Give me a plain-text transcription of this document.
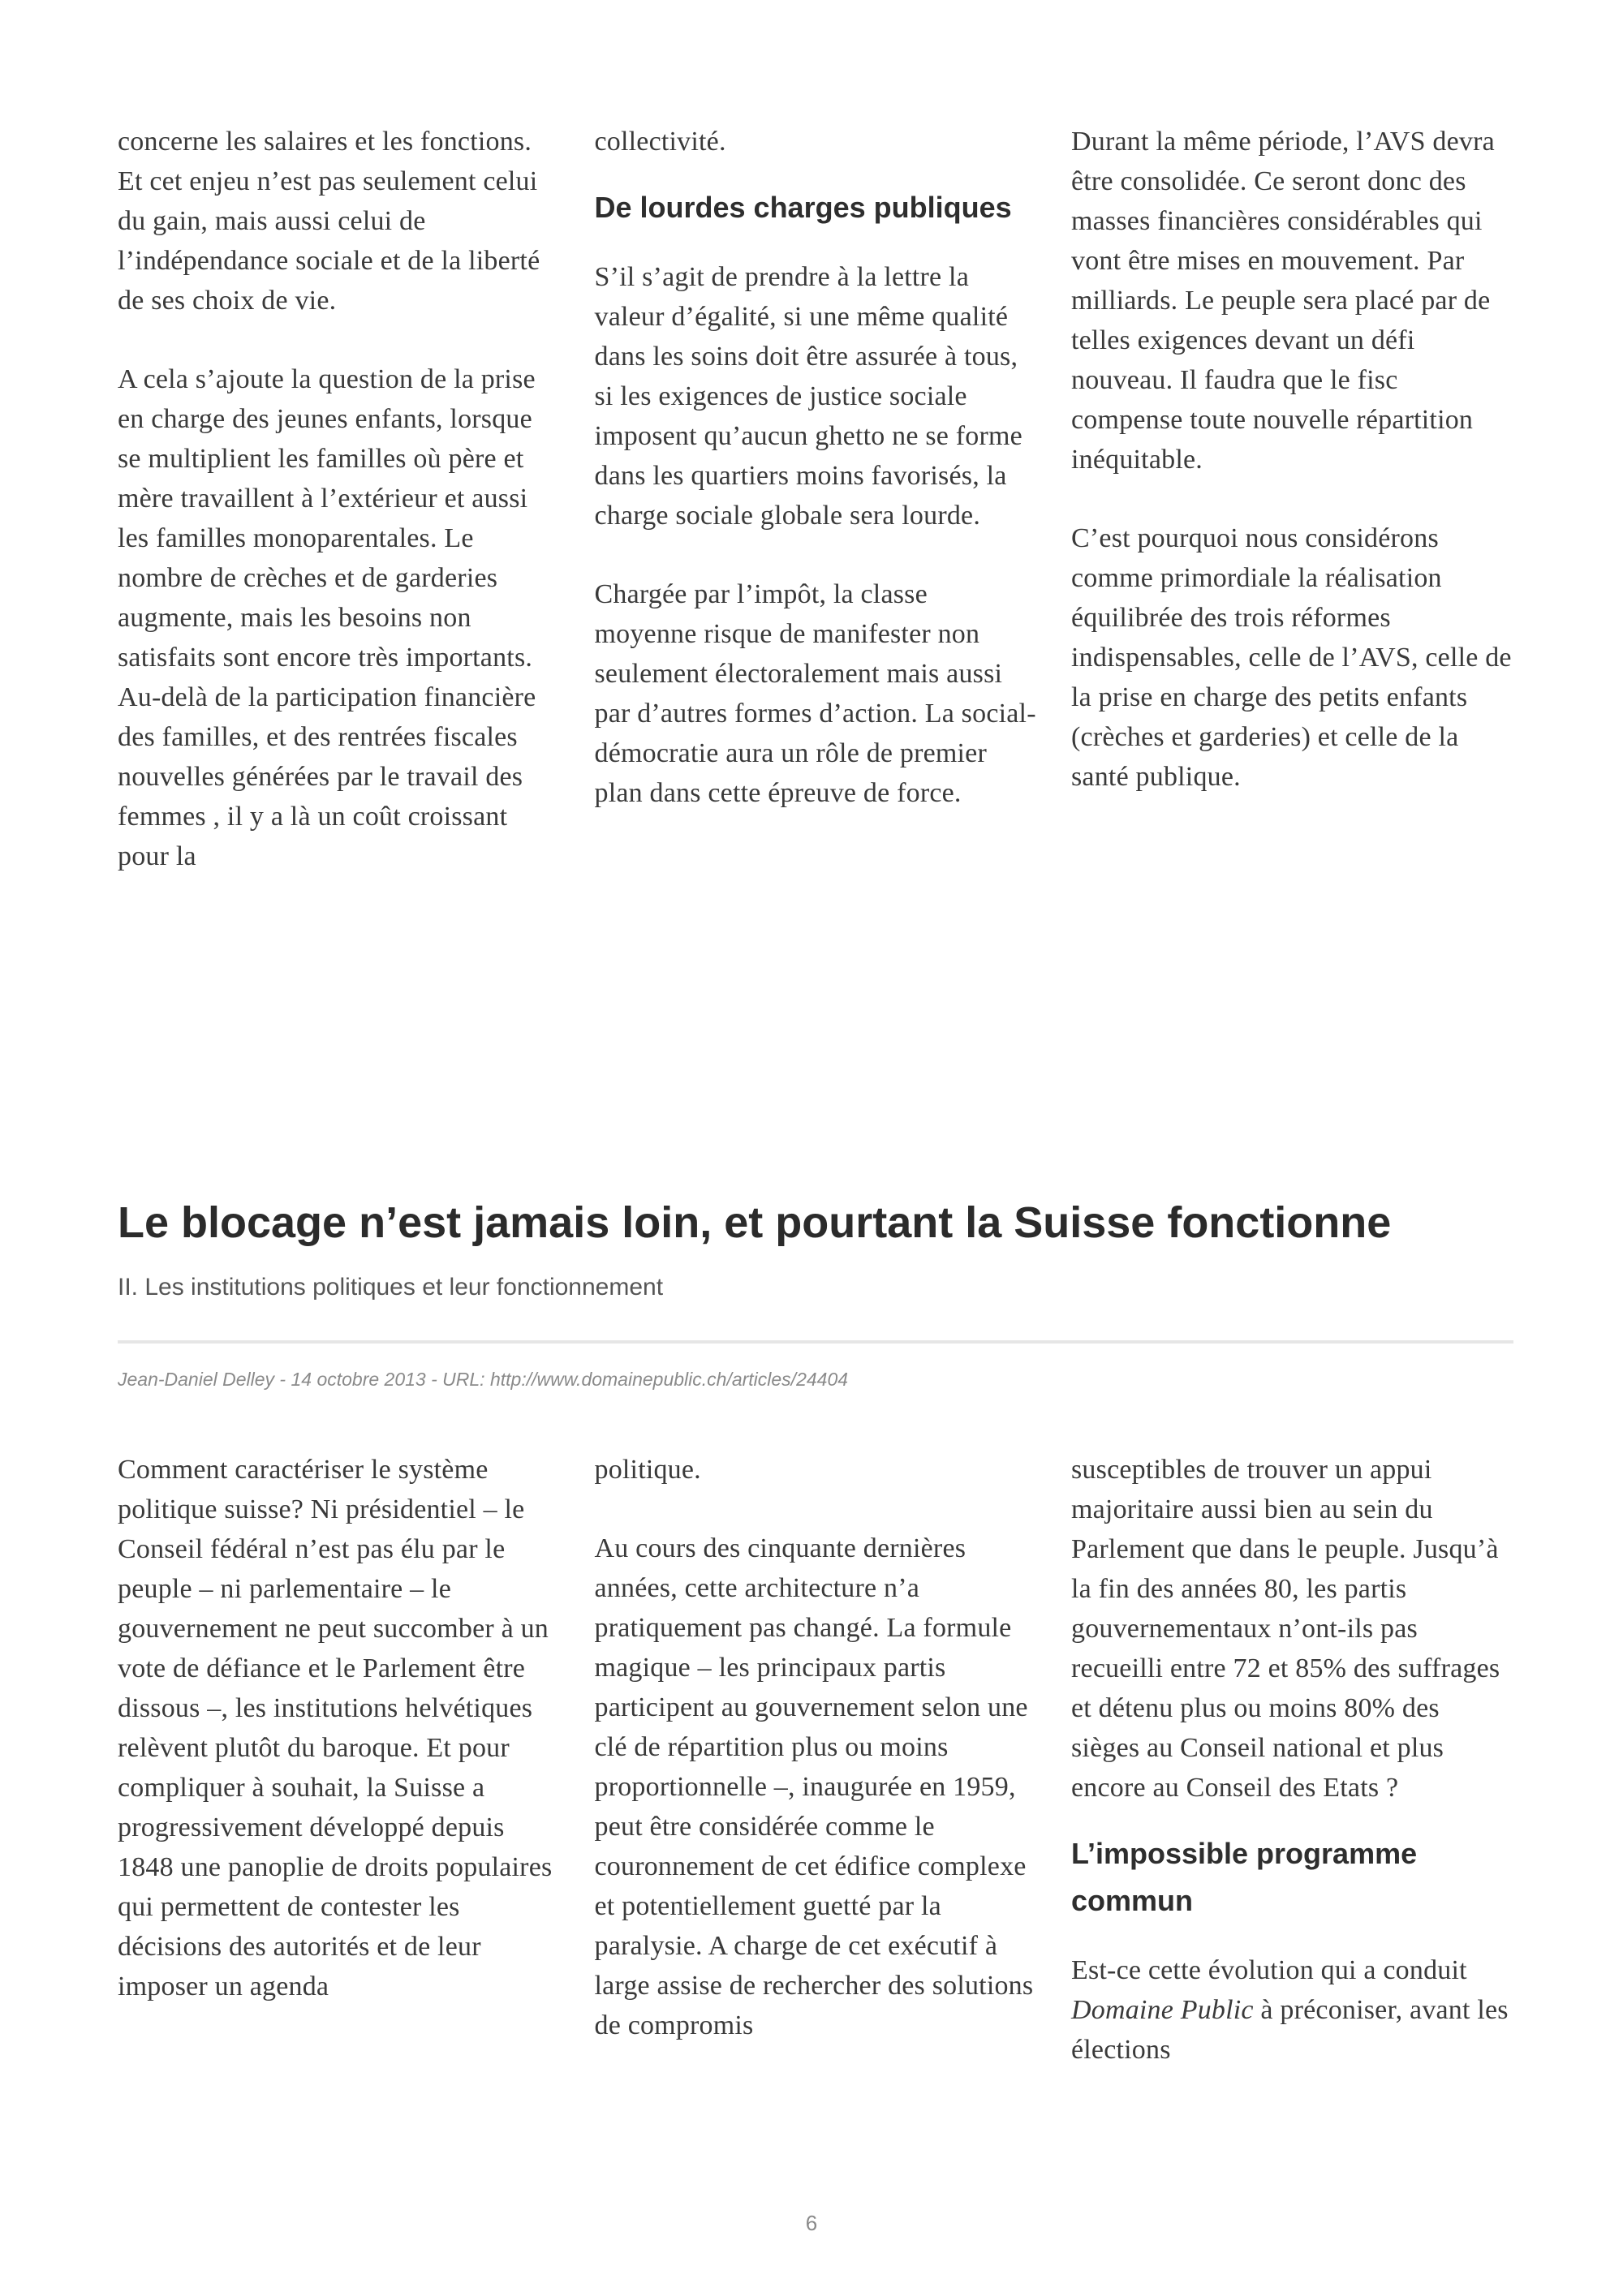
concerne les salaires et les fonctions. Et cet enjeu n’est pas seulement celui du gain, mais aussi celui de l’indépendance sociale et de la liberté de ses choix de vie.

A cela s’ajoute la question de la prise en charge des jeunes enfants, lorsque se multiplient les familles où père et mère travaillent à l’extérieur et aussi les familles monoparentales. Le nombre de crèches et de garderies augmente, mais les besoins non satisfaits sont encore très importants. Au-delà de la participation financière des familles, et des rentrées fiscales nouvelles générées par le travail des femmes , il y a là un coût croissant pour la

collectivité.

De lourdes charges publiques

S’il s’agit de prendre à la lettre la valeur d’égalité, si une même qualité dans les soins doit être assurée à tous, si les exigences de justice sociale imposent qu’aucun ghetto ne se forme dans les quartiers moins favorisés, la charge sociale globale sera lourde.

Chargée par l’impôt, la classe moyenne risque de manifester non seulement électoralement mais aussi par d’autres formes d’action. La social-démocratie aura un rôle de premier plan dans cette épreuve de force.

Durant la même période, l’AVS devra être consolidée. Ce seront donc des masses financières considérables qui vont être mises en mouvement. Par milliards. Le peuple sera placé par de telles exigences devant un défi nouveau. Il faudra que le fisc compense toute nouvelle répartition inéquitable.

C’est pourquoi nous considérons comme primordiale la réalisation équilibrée des trois réformes indispensables, celle de l’AVS, celle de la prise en charge des petits enfants (crèches et garderies) et celle de la santé publique.

Le blocage n’est jamais loin, et pourtant la Suisse fonctionne

II. Les institutions politiques et leur fonctionnement

Jean-Daniel Delley - 14 octobre 2013 - URL: http://www.domainepublic.ch/articles/24404

Comment caractériser le système politique suisse? Ni présidentiel – le Conseil fédéral n’est pas élu par le peuple – ni parlementaire – le gouvernement ne peut succomber à un vote de défiance et le Parlement être dissous –, les institutions helvétiques relèvent plutôt du baroque. Et pour compliquer à souhait, la Suisse a progressivement développé depuis 1848 une panoplie de droits populaires qui permettent de contester les décisions des autorités et de leur imposer un agenda

politique.

Au cours des cinquante dernières années, cette architecture n’a pratiquement pas changé. La formule magique – les principaux partis participent au gouvernement selon une clé de répartition plus ou moins proportionnelle –, inaugurée en 1959, peut être considérée comme le couronnement de cet édifice complexe et potentiellement guetté par la paralysie. A charge de cet exécutif à large assise de rechercher des solutions de compromis

susceptibles de trouver un appui majoritaire aussi bien au sein du Parlement que dans le peuple. Jusqu’à la fin des années 80, les partis gouvernementaux n’ont-ils pas recueilli entre 72 et 85% des suffrages et détenu plus ou moins 80% des sièges au Conseil national et plus encore au Conseil des Etats ?

L’impossible programme commun

Est-ce cette évolution qui a conduit Domaine Public à préconiser, avant les élections

6
